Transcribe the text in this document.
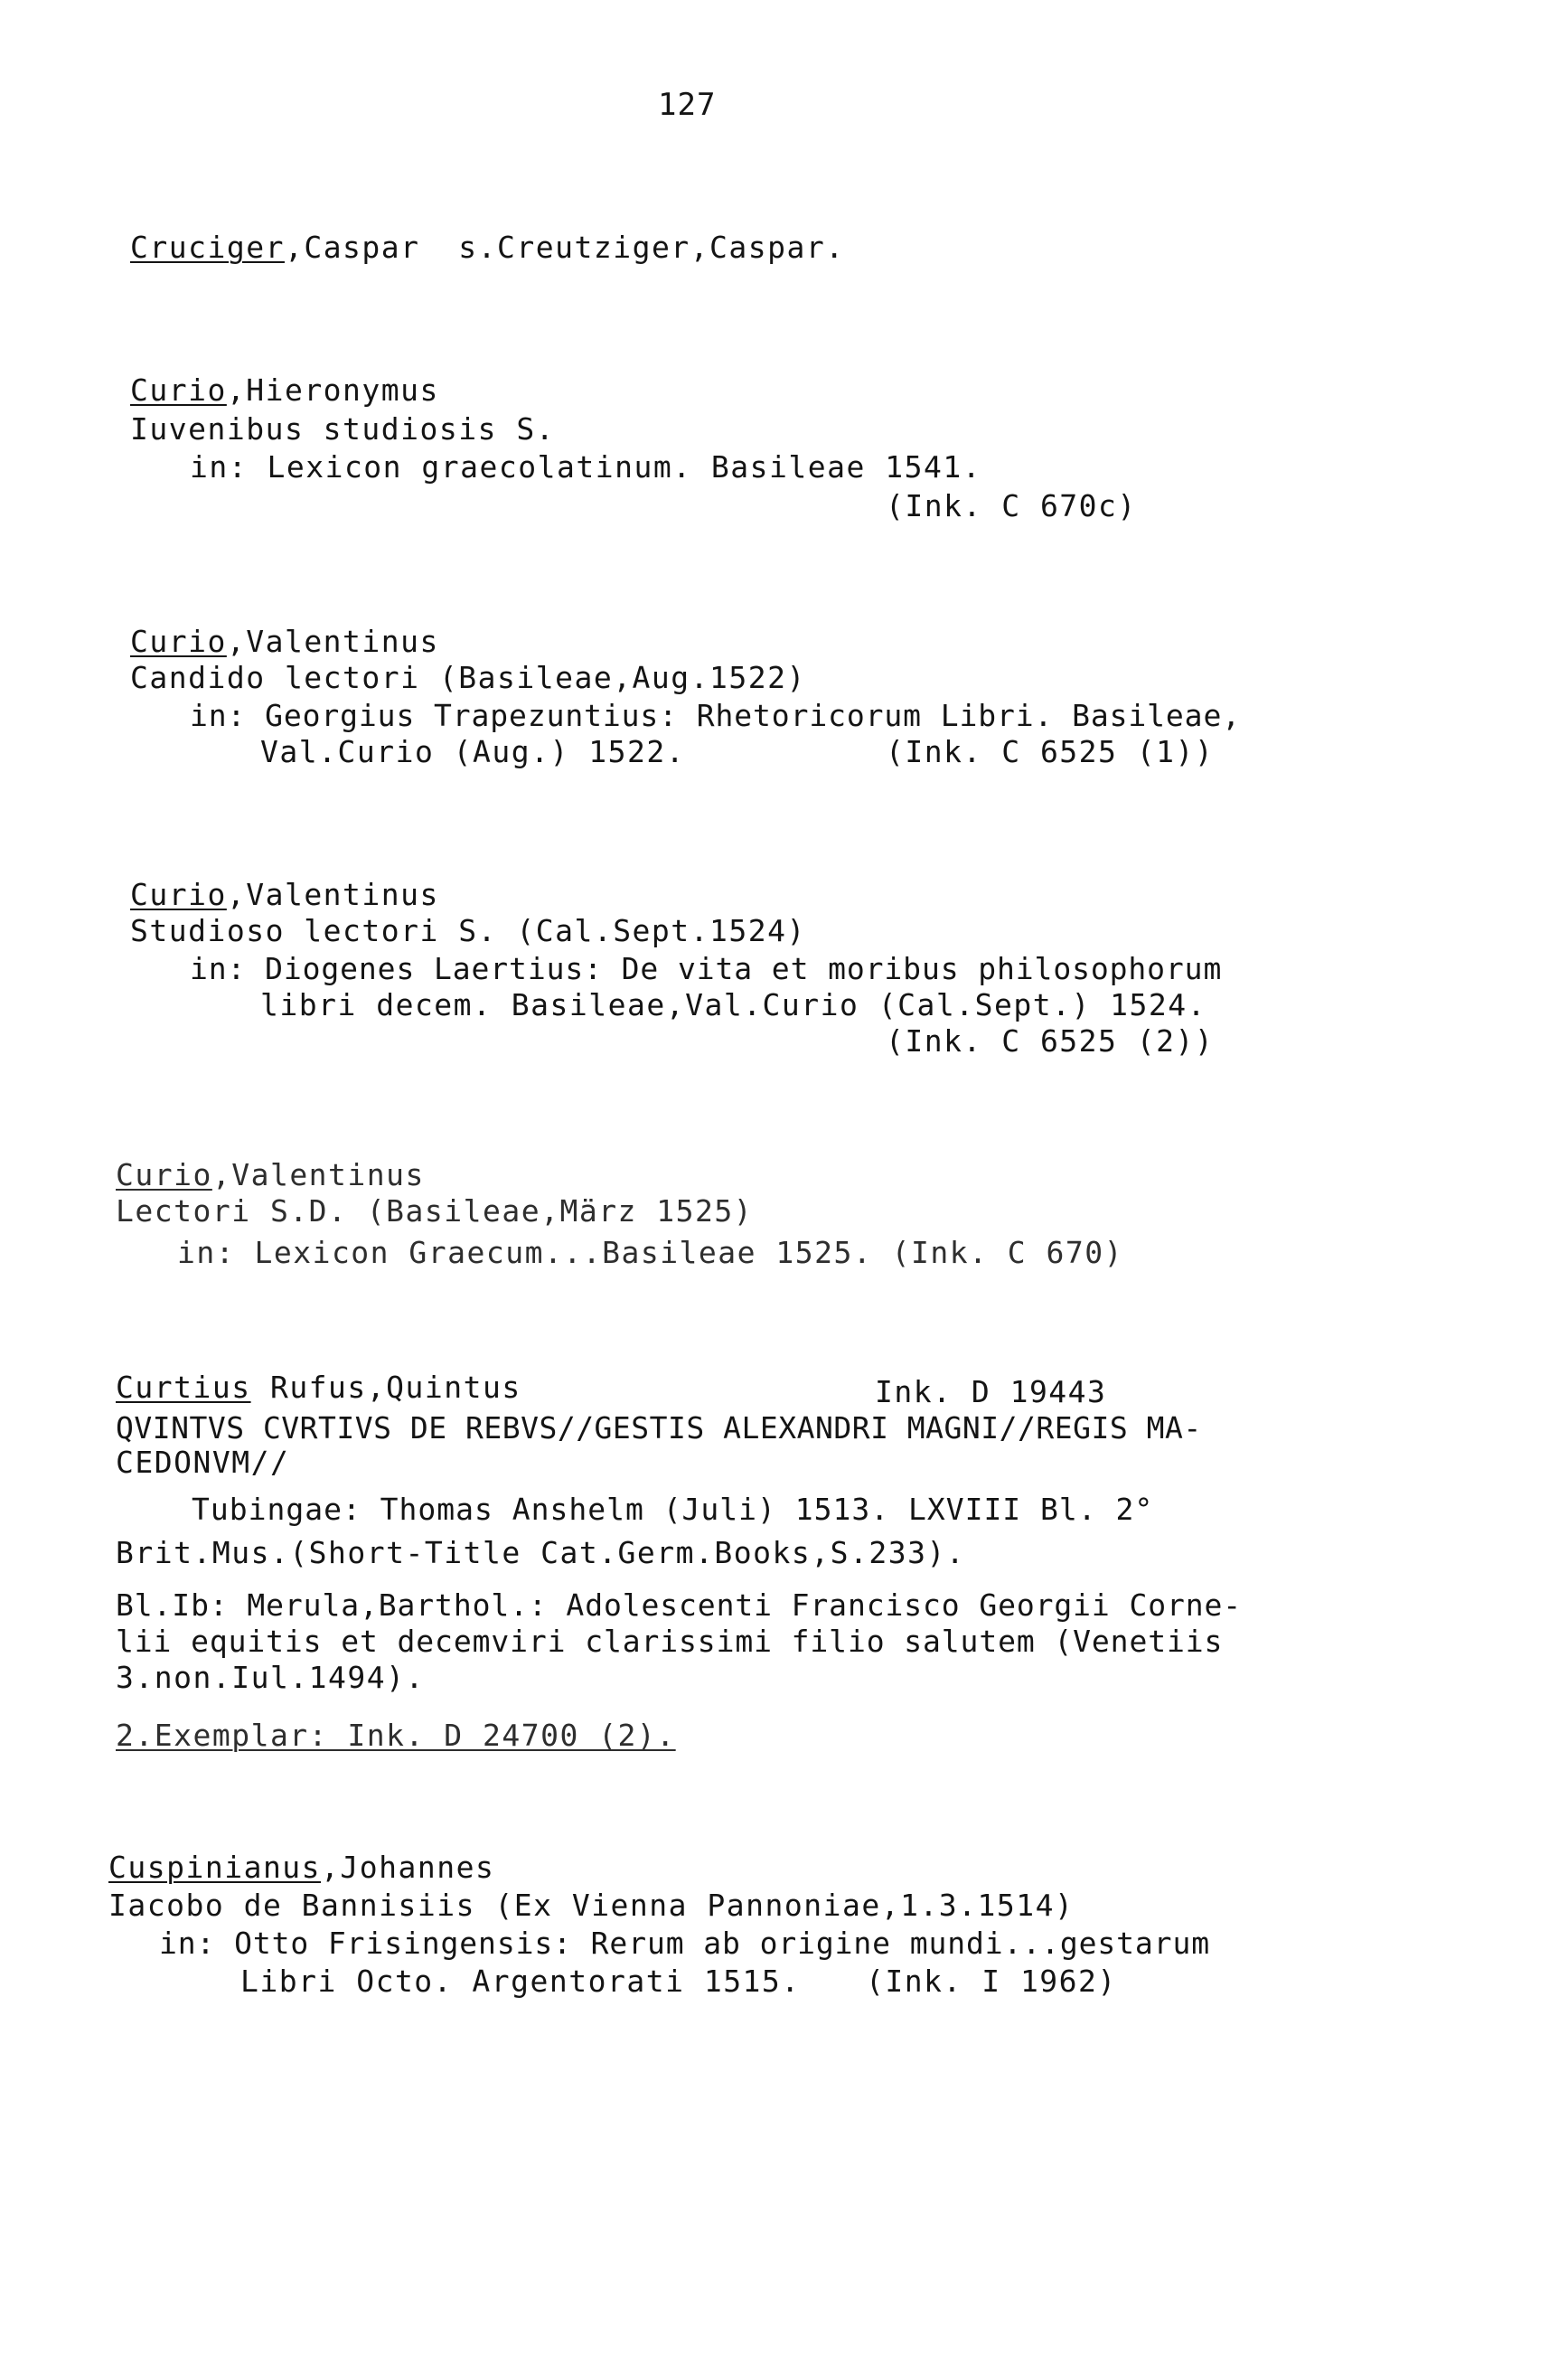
127
Cruciger,Caspar  s.Creutziger,Caspar.
Curio,Hieronymus
Iuvenibus studiosis S.
in: Lexicon graecolatinum. Basileae 1541.
(Ink. C 670c)
Curio,Valentinus
Candido lectori (Basileae,Aug.1522)
in: Georgius Trapezuntius: Rhetoricorum Libri. Basileae,
Val.Curio (Aug.) 1522.	(Ink. C 6525 (1))
Curio,Valentinus
Studioso lectori S. (Cal.Sept.1524)
in: Diogenes Laertius: De vita et moribus philosophorum
libri decem. Basileae,Val.Curio (Cal.Sept.) 1524.
(Ink. C 6525 (2))
Curio,Valentinus
Lectori S.D. (Basileae,März 1525)
in: Lexicon Graecum...Basileae 1525. (Ink. C 670)
Curtius Rufus,Quintus	Ink. D 19443
QVINTVS CVRTIVS DE REBVS//GESTIS ALEXANDRI MAGNI//REGIS MA-
CEDONVM//
Tubingae: Thomas Anshelm (Juli) 1513. LXVIII Bl. 2°
Brit.Mus.(Short-Title Cat.Germ.Books,S.233).
Bl.Ib: Merula,Barthol.: Adolescenti Francisco Georgii Corne-
lii equitis et decemviri clarissimi filio salutem (Venetiis
3.non.Iul.1494).
2.Exemplar: Ink. D 24700 (2).
Cuspinianus,Johannes
Iacobo de Bannisiis (Ex Vienna Pannoniae,1.3.1514)
in: Otto Frisingensis: Rerum ab origine mundi...gestarum
Libri Octo. Argentorati 1515. (Ink. I 1962)
